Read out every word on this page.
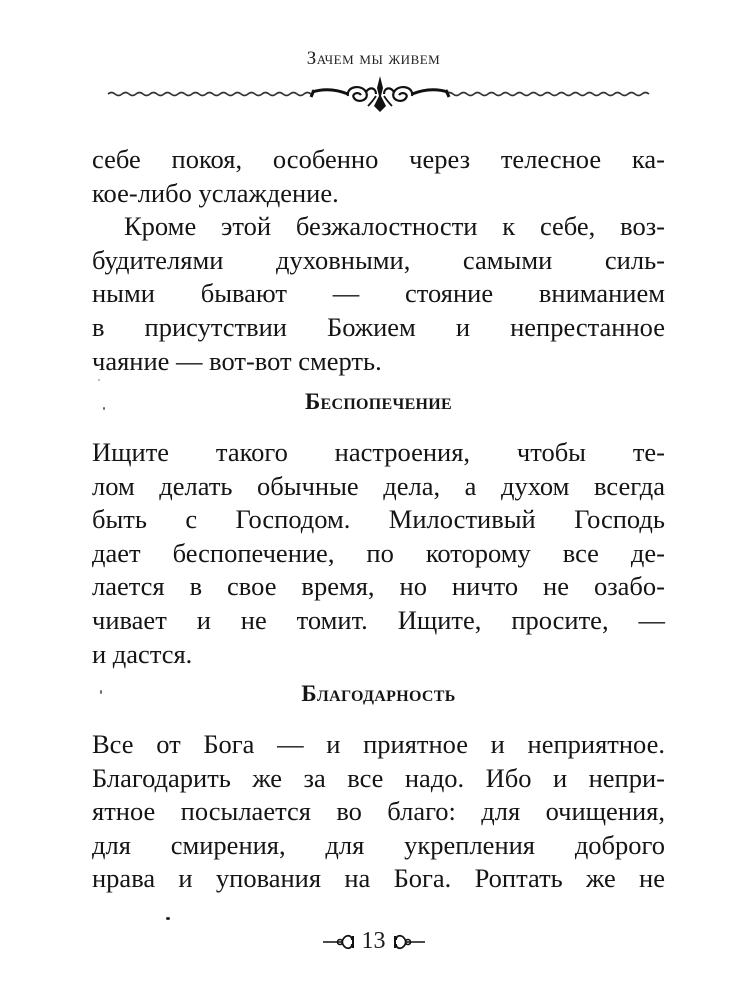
Зачем мы живем
себе покоя, особенно через телесное ка-
кое-либо услаждение.
Кроме этой безжалостности к себе, воз-
будителями духовными, самыми силь-
ными бывают — стояние вниманием
в присутствии Божием и непрестанное
чаяние — вот-вот смерть.
Беспопечение
Ищите такого настроения, чтобы те-
лом делать обычные дела, а духом всегда
быть с Господом. Милостивый Господь
дает беспопечение, по которому все де-
лается в свое время, но ничто не озабо-
чивает и не томит. Ищите, просите, —
и дастся.
Благодарность
Все от Бога — и приятное и неприятное.
Благодарить же за все надо. Ибо и непри-
ятное посылается во благо: для очищения,
для смирения, для укрепления доброго
нрава и упования на Бога. Роптать же не
13
